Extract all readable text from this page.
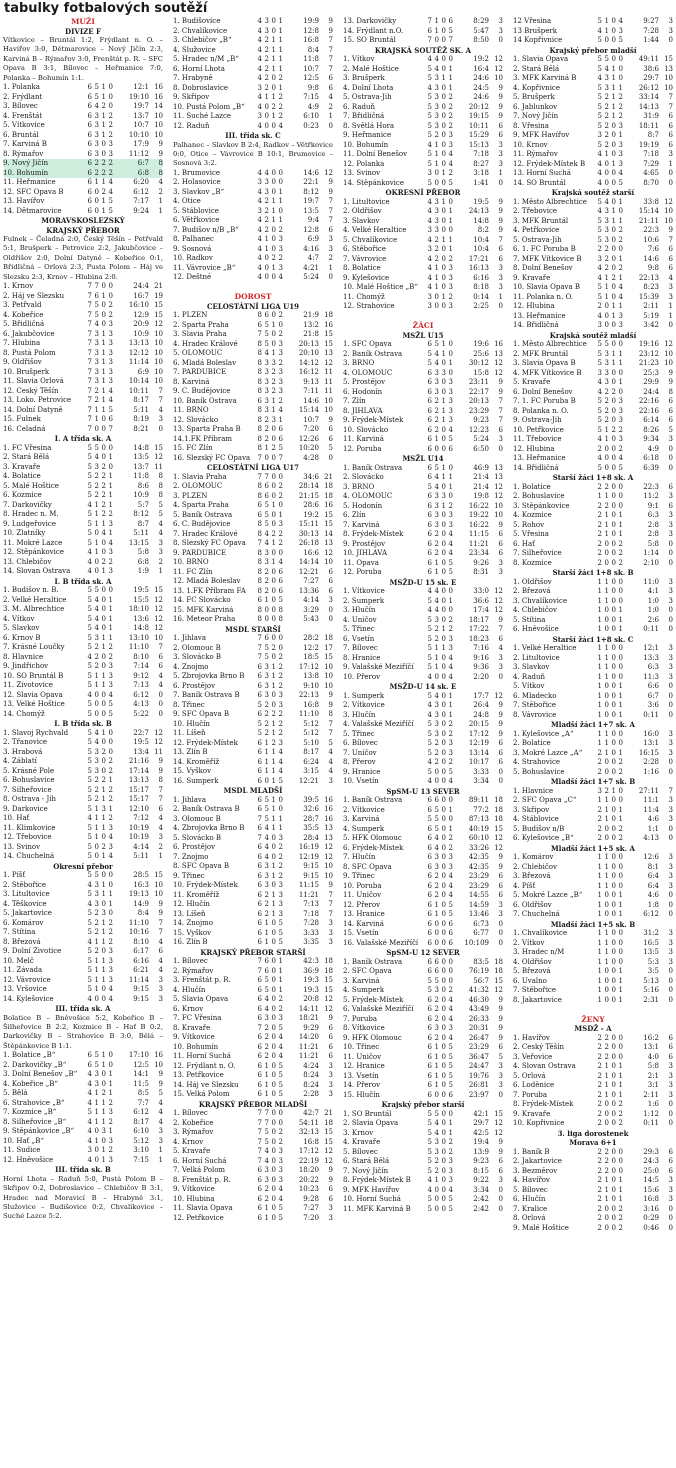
tabulky fotbalových soutěží
MUŽI
DIVIZE F
Vítkovice – Bruntál 1:2, Frýdlant n. O. – Havířov 3:0, Dětmarovice – Nový Jičín 2:3, Karviná B – Rýmařov 3:0, Frenštát p. R. – SFC Opava B 3:1, Bílovec – Heřmanice 7:0, Polanka – Bohumín 1:1.
1. Polanka	6 5 1 0	12:1 16
2. Frýdlant	6 5 1 0	19:10 16
3. Bílovec	6 4 2 0	19:7 14
4. Frenštát	6 3 1 2	13:7 10
5. Vítkovice	6 3 1 2	10:7 10
6. Bruntál	6 3 1 2	10:10 10
7. Karviná B	6 3 0 3	17:9	9
8. Rýmařov	6 3 0 3	11:12	9
9. Nový Jičín	6 2 2 2	6:7	8
10. Bohumín	6 2 2 2	6:8	8
11. Heřmanice	6 1 1 4	6:20	4
12. SFC Opava B	6 0 2 4	6:12	2
13. Havířov	6 0 1 5	7:17	1
14. Dětmarovice	6 0 1 5	9:24	1
MORAVSKOSLEZSKÝ
KRAJSKÝ PŘEBOR
Fulnek – Čeladná 2:0, Český Těšín – Petřvald 5:1, Brušperk – Petrovice 2:2, Jakubčovice – Oldřišov 2:0, Dolní Datyně – Kobeřice 0:1, Břidličná – Orlová 2:3, Pusta Polom – Háj ve Slezsku 2:3, Krnov – Hlubina 2:0.
1. Krnov	7 7 0 0	24:4 21
2. Háj ve Slezsku	7 6 1 0	16:7 19
3. Petřvald	7 5 0 2	16:10 15
4. Kobeřice	7 5 0 2	12:9 15
5. Břidličná	7 4 0 3	20:9 12
6. Jakubčovice	7 3 1 3	10:9 10
7. Hlubina	7 3 1 3	13:13 10
8. Pustá Polom	7 3 1 3	12:12 10
9. Oldřišov	7 3 1 3	11:14 10
10. Brušperk	7 3 1 3	6:9 10
11. Slavia Orlová	7 3 1 3	10:14 10
12. Český Těšín	7 2 1 4	10:11	7
13. Loko. Petrovice	7 2 1 4	8:17	7
14. Dolní Datyně	7 1 1 5	5:11	4
15. Fulnek	7 1 0 6	8:19	3
16. Čeladná	7 0 0 7	8:21	0
I. A třída sk. A
1. FC Vřesina	5 5 0 0	14:8 15
2. Stará Bělá	5 4 0 1	13:5 12
3. Kravaře	5 3 2 0	13:7 11
4. Bolatice	5 2 2 1	11:8	8
5. Malé Hoštice	5 2 2 1	8:6	8
6. Kozmice	5 2 2 1	10:9	8
7. Darkovičky	4 1 2 1	5:7	5
8. Hradec n. M.	5 1 2 2	8:12	5
9. Ludgeřovice	5 1 1 3	8:7	4
10. Zlatníky	5 0 4 1	5:11	4
11. Mokré Lazce	5 1 0 4	13:15	3
12. Štěpánkovice	4 1 0 3	5:8	3
13. Chlebičov	4 0 2 2	6:8	2
14. Slovan Ostrava	4 0 1 3	1:9	1
I. B třída sk. A
1. Budišov n. B.	5 5 0 0	19:5 15
2. Velké Heraltice	5 4 0 1	15:5 12
3. M. Albrechtice	5 4 0 1	18:10 12
4. Vítkov	5 4 0 1	13:6 12
5. Slavkov	5 4 0 1	14:8 12
6. Krnov B	5 3 1 1	13:10 10
7. Krásné Loučky	5 2 1 2	11:10	7
8. Hlavnice	4 2 0 2	8:10	6
9. Jindřichov	5 2 0 3	7:14	6
10. SO Bruntál B	5 1 1 3	9:12	4
11. Životovice	5 1 1 3	7:13	4
12. Slavia Opava	4 0 0 4	6:12	0
13. Velké Hoštice	5 0 0 5	4:13	0
14. Chomýž	5 0 0 5	5:22	0
I. B třída sk. B
1. Slavoj Rychvald	5 4 1 0	22:7 12
2. Třanovice	5 4 0 0	19:5 12
3. Hrabová	5 3 2 0	13:4 11
4. Záblatí	5 3 0 2	21:16	9
5. Krásné Pole	5 3 0 2	17:14	9
6. Bohuslavice	5 2 2 1	13:13	8
7. Šilheřovice	5 2 1 2	15:17	7
8. Ostrava - Jih	5 2 1 2	15:17	7
9. Darkovice	5 1 3 1	12:10	6
10. Hať	4 1 1 2	7:12	4
11. Klimkovice	5 1 1 3	10:19	4
12. Třebovice	5 1 0 4	10:19	3
13. Svinov	5 0 2 3	4:14	2
14. Chuchelná	5 0 1 4	5:11	1
Okresní přebor
1. Píšť	5 5 0 0	28:5 15
2. Štěbořice	4 3 1 0	16:3 10
3. Litultovice	5 3 1 1	19:13 10
4. Těškovice	4 3 0 1	14:9	9
5. Jakartovice	5 2 3 0	8:4	9
6. Komárov	5 2 1 2	11:10	7
7. Štítina	5 2 1 2	10:16	7
8. Březová	4 1 1 2	8:10	4
9. Dolní Životice	5 2 0 3	6:17	6
10. Melč	5 1 1 3	6:16	4
11. Závada	5 1 1 3	6:21	4
12. Vávrovice	5 1 1 3	11:14	3
13. Vršovice	5 1 0 4	9:15	3
14. Kylešovice	4 0 0 4	9:15	3
III. třída sk. A
Bolatice B – Bněvošice 5:2, Kobeřice B – Šilheřovice B 2:2, Kozmice B – Hať B 0:2, Darkovičky B – Strahovice B 3:0, Bělá – Štěpánkovice B 1:1.
1. Bolatice „B“	6 5 1 0	17:10 16
2. Darkovičky „B“	6 5 1 0	12:5 10
3. Dolní Benešov „B“	4 3 0 1	14:1	9
4. Kobeřice „B“	4 3 0 1	11:5	9
5. Bělá	4 1 2 1	8:5	5
6. Strahovice „B“	4 1 1 2	7:7	4
7. Kozmice „B“	5 1 1 3	6:12	4
8. Šilheřovice „B“	4 1 1 2	8:17	4
9. Štěpánkovice „B“	4 0 3 1	6:10	3
10. Hať „B“	4 1 0 3	5:12	3
11. Sudice	3 0 1 2	3:10	1
12. Hněvošice	4 0 1 3	7:15	1
III. třída sk. B
Horní Lhota – Raduň 5:0, Pustá Polom B – Skřipov 0:2, Dobroslavice – Chlebičov B 3:1, Hradec nad Moravicí B – Hrabyně 3:1, Služovice – Budišovice 0:2, Chvalíkovice – Suché Lazce 5:2.
1. Budišovice	4 3 0 1	19:9	9
2. Chvalíkovice	4 3 0 1	12:8	9
3. Chlebičov „B“	4 2 1 1	16:8	7
4. Služovice	4 2 1 1	8:4	7
5. Hradec n/M „B“	4 2 1 1	11:8	7
6. Horní Lhota	4 2 1 1	10:7	7
7. Hrabyně	4 2 0 2	12:5	6
8. Dobroslavice	3 2 0 1	9:8	6
9. Skřipov	4 1 1 2	7:15	4
10. Pustá Polom „B“	4 0 2 2	4:9	2
11. Suché Lazce	3 0 1 2	6:10	1
12. Raduň	4 0 0 4	0:23	0
III. třída sk. C
Palhanec – Slavkov B 2:4, Radkov – Větřkovice 0:0, Otice – Vávrovice B 10:1, Brumovice – Sosnová 3:2.
1. Brumovice	4 4 0 0	14:6 12
2. Holasovice	3 3 0 0	22:1	9
3. Slavkov „B“	4 3 0 1	8:12	9
4. Otice	4 2 1 1	19:7	7
5. Štáblovice	3 2 1 0	13:5	7
6. Větřkovice	4 2 1 1	9:4	7
7. Budišov n/B „B“	4 2 0 2	12:8	6
8. Palhanec	4 1 0 3	6:9	3
9. Sosnová	4 1 0 3	4:16	3
10. Radkov	4 0 2 2	4:7	2
11. Vávrovice „B“	4 0 1 3	4:21	1
12. Deštné	4 0 0 4	5:24	0
DOROST
CELOSTÁTNÍ LIGA U19
1. PLZEŇ	8 6 0 2	21:9 18
2. Sparta Praha	6 5 1 0	13:2 16
3. Slavia Praha	7 5 0 2	21:8 15
4. Hradec Králové	8 5 0 3	20:13 15
5. OLOMOUC	8 4 1 3	20:10 13
6. Mladá Boleslav	8 3 3 2	14:12 12
7. PARDUBICE	8 3 2 3	16:12 11
8. Karviná	8 3 2 3	9:13 11
9. Č. Budějovice	8 3 2 3	7:11 11
10. Baník Ostrava	6 3 1 2	14:6 10
11. BRNO	8 3 1 4	15:14 10
12. Slovácko	8 2 3 1	10:7	9
13. Sparta Praha B	8 2 0 6	7:20	6
14.1.FK Příbram	8 2 0 6	12:26	6
15. FC Zlín	8 1 2 5	10:20	5
16. Slezský FC Opava	7 0 0 7	4:28	0
CELOSTÁTNÍ LIGA U17
1. Slavia Praha	7 7 0 0	34:6 21
2. OLOMOUC	8 6 0 2	28:14 18
3. PLZEŇ	8 6 0 2	21:15 18
4. Sparta Praha	6 5 1 0	28:6 16
5. Baník Ostrava	6 5 0 1	19:2 15
6. Č. Budějovice	8 5 0 3	15:11 15
7. Hradec Králové	8 4 2 2	30:13 14
8. Slezský FC Opava	7 4 1 2	26:18 13
9. PARDUBICE	8 3 0 0	16:6 12
10. BRNO	8 3 1 4	14:14 10
11. FC Zlín	8 2 0 6	12:21	6
12. Mladá Boleslav	8 2 0 6	7:27	6
13. 1.FK Příbram FA	8 2 0 6	13:36	6
14. FC Slovácko	6 1 0 5	4:14	3
15. MFK Karviná	8 0 0 8	3:29	0
16. Meteor Praha	8 0 0 8	5:43	0
MSDL STARŠÍ
1. Jihlava	7 6 0 0	28:2 18
2. Olomouc B	7 5 2 0	12:2 17
3. Slovácko B	7 5 0 2	18:5 15
4. Znojmo	6 3 1 2	17:12 10
5. Zbrojovka Brno B	6 3 1 2	13:8 10
6. Prostějov	6 3 1 2	9:10 10
7. Baník Ostrava B	6 3 0 3	22:13	9
8. Třinec	5 2 0 3	16:8	9
9. SFC Opava B	6 2 2 2	11:10	8
10. Hlučín	5 2 1 2	5:12	7
11. Líšeň	5 2 1 2	5:12	7
12. Frýdek-Místek	6 1 2 3	5:10	5
13. Zlín B	6 1 1 4	8:17	4
14. Kroměříž	6 1 1 4	6:24	4
15. Vyškov	6 1 1 4	3:15	4
16. Šumperk	6 0 1 5	12:21	3
MSDL MLADŠÍ
1. Jihlava	6 5 1 0	39:5 16
2. Baník Ostrava B	6 5 1 0	32:6 16
3. Olomouc B	7 5 1 1	28:7 16
4. Zbrojovka Brno B	6 4 1 1	35:5 13
5. Slovácko B	7 4 0 3	28:4 13
6. Prostějov	6 4 0 2	16:19 12
7. Znojmo	6 4 0 2	12:19 12
8. SFC Opava B	6 3 1 2	9:15 10
9. Třinec	6 3 1 2	9:15 10
10. Frýdek-Místek	6 3 0 3	11:15	9
11. Kroměříž	6 2 1 3	11:21	7
12. Hlučín	6 2 1 3	7:13	7
13. Líšeň	6 2 1 3	7:18	7
14. Znojmo	6 1 0 5	7:28	3
15. Vyškov	6 1 0 5	3:33	3
16. Zlín B	6 1 0 5	3:35	3
KRAJSKÝ PŘEBOR STARŠÍ
1. Bílovec	7 6 0 1	42:3 18
2. Rýmařov	7 6 0 1	36:9 18
3. Frenštát p. R.	6 5 0 1	19:3 15
4. Hlučín	6 5 0 1	19:3 15
5. Slavia Opava	6 4 0 2	20:8 12
6. Krnov	6 4 0 2	14:11 12
7. FC Vřesina	6 3 0 3	18:21	9
8. Kravaře	7 2 0 5	9:29	6
9. Vítkovice	6 2 0 4	14:20	6
10. Bohumín	6 2 0 4	11:21	6
11. Horní Suchá	6 2 0 4	11:21	6
12. Frýdlant n. O.	6 1 0 5	4:24	3
13. Petřkovice	6 1 0 5	8:24	3
14. Háj ve Slezsku	6 1 0 5	8:24	3
15. Velká Polom	6 1 0 5	2:28	3
KRAJSKÝ PŘEBOR MLADŠÍ
1. Bílovec	7 7 0 0	42:7 21
2. Kobeřice	7 7 0 0	54:11 18
3. Rýmařov	7 5 0 2	32:13 15
4. Krnov	7 5 0 2	16:8 15
5. Kravaře	7 4 0 3	17:12 12
6. Horní Suchá	7 4 0 3	22:19 12
7. Velká Polom	6 3 0 3	18:20	9
8. Frenštát p. R.	6 3 0 3	20:22	9
9. Vítkovice	6 2 0 4	10:23	6
10. Hlubina	6 2 0 4	9:28	6
11. Slavia Opava	6 1 0 5	7:27	3
12. Petřkovice	6 1 0 5	7:20	3
13. Darkovičky	7 1 0 6	8:29	3
14. Frýdlant n.O.	6 1 0 5	5:47	3
15. SO Bruntál	7 0 0 7	8:50	0
KRAJSKÁ SOUTĚŽ SK. A
1. Vítkov	4 4 0 0	19:2 12
2. Malé Hoštice	5 4 0 1	16:4 12
3. Brušperk	5 3 1 1	24:6 10
4. Dolní Lhota	4 3 0 1	24:5	9
5. Ostrava-Jih	5 3 0 2	24:6	9
6. Raduň	5 3 0 2	20:12	9
7. Břidličná	5 3 0 2	19:15	9
8. Světlá Hora	5 3 0 2	10:11	6
9. Heřmanice	5 2 0 3	15:29	6
10. Bohumín	4 1 0 3	15:13	3
11. Dolní Benešov	5 1 0 4	7:18	3
12. Polanka	5 1 0 4	8:27	3
13. Svinov	3 0 1 2	3:18	1
14. Štěpánkovice	5 0 0 5	1:41	0
OKRESNÍ PŘEBOR
1. Litultovice	4 3 1 0	19:5	9
2. Oldřišov	4 3 0 1	24:13	9
3. Slavkov	4 3 0 1	14:8	9
4. Velké Heraltice	3 3 0 0	8:2	9
5. Chvalíkovice	4 2 1 1	10:4	7
6. Štěbořice	3 2 0 1	10:4	6
7. Vávrovice	4 2 0 2	17:21	6
8. Bolatice	4 1 0 3	16:13	3
9. Kylešovice	4 1 0 3	6:16	3
10. Malé Hoštice „B“	4 1 0 3	8:18	3
11. Chomýž	3 0 1 2	0:14	1
12. Strahovice	3 0 0 3	2:25	0
ŽÁCI
MSŽL U15
1. SFC Opava	6 5 1 0	19:6 16
2. Baník Ostrava	5 4 1 0	25:6 13
3. BRNO	5 4 0 1	30:12 12
4. OLOMOUC	6 3 3 0	15:8 12
5. Prostějov	6 3 0 3	23:11	9
6. Hodonín	6 3 0 3	22:17	9
7. Zlín	6 2 1 3	20:13	7
8. JIHLAVA	6 2 1 3	23:29	7
9. Frýdek-Místek	6 2 1 3	9:23	7
10. Slovácko	6 2 0 4	12:23	6
11. Karviná	6 1 0 5	5:24	3
12. Poruba	6 0 0 6	6:50	0
MSŽL U14
1. Baník Ostrava	6 5 1 0	46:9 13
2. Slovácko	6 4 1 1	21:4 13
3. BRNO	5 4 0 1	21:4 12
4. OLOMOUC	6 3 3 0	19:8 12
5. Hodonín	6 3 1 2	16:22 10
6. Zlín	6 3 0 3	19:22 10
7. Karviná	6 3 0 3	16:22	9
8. Frýdek-Místek	6 2 0 4	11:15	6
9. Prostějov	6 2 0 4	11:21	6
10. JIHLAVA	6 2 0 4	23:34	6
11. Opava	6 1 0 5	9:26	3
12. Poruba	6 1 0 5	8:31	3
MSŽD-U 15 sk. E
1. Vítkovice	4 4 0 0	33:0 12
2. Šumperk	5 4 0 1	36:6 12
3. Hlučín	4 4 0 0	17:4 12
4. Uničov	5 3 0 2	18:17	9
5. Třinec	5 2 1 2	17:22	7
6. Vsetín	5 2 0 3	18:23	6
7. Bílovec	5 1 1 3	7:16	4
8. Hranice	5 1 0 4	9:16	3
9. Valašské Meziříčí	5 1 0 4	9:36	3
10. Přerov	4 0 0 4	2:20	0
MSŽD-U 14 sk. E
1. Šumperk	5 4 0 1	17:7 12
2. Vítkovice	4 3 0 1	26:4	9
3. Hlučín	4 3 0 1	24:8	9
4. Valašské Meziříčí	5 3 0 2	20:15	9
5. Třinec	5 3 0 2	17:12	9
6. Bílovec	5 2 0 3	12:19	6
7. Uničov	5 2 0 3	13:14	6
8. Přerov	4 2 0 2	10:17	6
9. Hranice	5 0 0 5	3:33	0
10. Vsetín	4 0 0 4	3:34	0
SpSM-U 13 SEVER
1. Baník Ostrava	6 6 0 0	89:11 18
2. Vítkovice	6 5 0 1	77:2 18
3. Karviná	5 5 0 0	87:13 18
4. Šumperk	6 5 0 1	40:19 15
5. HFK Olomouc	6 4 0 2	60:10 12
6. Frýdek-Místek	6 4 0 2	33:26 12
7. Hlučín	6 3 0 3	42:35	9
8. SFC Opava	6 3 0 3	42:35	9
9. Třinec	6 2 0 4	23:29	6
10. Poruba	6 2 0 4	23:29	6
11. Uničov	6 2 0 4	14:55	6
12. Přerov	6 1 0 5	14:59	3
13. Hranice	6 1 0 5	13:46	3
14. Karviná	6 0 0 6	6:73	0
15. Vsetín	6 0 0 6	6:77	0
16. Valašské Meziříčí	6 0 0 6	10:109	0
SpSM-U 12 SEVER
1. Baník Ostrava	6 6 0 0	83:5 18
2. SFC Opava	6 6 0 0	76:19 18
3. Karviná	5 5 0 0	56:7 15
4. Šumperk	5 3 0 2	41:32 12
5. Frýdek-Místek	6 2 0 4	46:30	9
6. Valašské Meziříčí	6 2 0 4	43:49	9
7. Poruba	6 2 0 4	26:33	9
8. Vítkovice	6 3 0 3	20:31	9
9. HFK Olomouc	6 2 0 4	26:47	9
10. Třinec	6 1 0 5	23:29	6
11. Uničov	6 1 0 5	36:47	5
12. Hranice	6 1 0 5	24:47	3
13. Vsetín	6 1 0 5	19:76	3
14. Přerov	6 1 0 5	26:81	3
15. Hlučín	6 0 0 6	23:97	0
Krajský přebor starší
1. SO Bruntál	5 5 0 0	42:1 15
2. Slavia Opava	5 4 0 1	29:7 12
3. Krnov	5 4 0 1	42:5 12
4. Kravaře	5 3 0 2	19:4	9
5. Bílovec	5 3 0 2	13:9	9
6. Stará Bělá	5 2 0 3	9:23	6
7. Nový Jičín	5 2 0 3	8:15	6
8. Frýdek-Místek B	4 1 0 3	9:22	3
9. MFK Havířov	4 0 0 4	3:34	0
10. Horní Suchá	5 0 0 5	2:42	0
11. MFK Karviná B	5 0 0 5	2:42	0
12 Vřesina	5 1 0 4	9:27	3
13 Brušperk	4 1 0 3	7:28	3
14 Kopřivnice	5 0 0 5	1:44	0
Krajský přebor mladší
1. Slavia Opava	5 5 0 0	49:11 15
2. Stará Bělá	5 4 1 0	38:6 13
3. MFK Karviná B	4 3 1 0	29:7 10
4. Kopřivnice	5 3 1 1	26:12 10
5. Brušperk	5 2 1 2	33:14	7
6. Jablunkov	5 2 1 2	14:13	7
7. Nový Jičín	5 2 1 2	31:9	6
8. Vřesina	5 2 0 3	18:11	6
9. MFK Havířov	3 2 0 1	8:7	6
10. Krnov	5 2 0 3	19:19	6
11. Rýmařov	4 1 0 3	7:18	3
12. Frýdek-Místek B	4 0 1 3	7:29	1
13. Horní Suchá	4 0 0 4	4:65	0
14. SO Bruntál	4 0 0 5	8:70	0
Krajská soutěž starší
1. Město Albrechtice	5 4 0 1	33:8 12
2. Třebovice	4 3 1 0	15:14 10
3. MFK Bruntál	5 3 1 1	21:11 10
4. Petřkovice	5 3 0 2	22:3	9
5. Ostrava-Jih	5 3 0 2	10:6	7
6. 1. FC Poruba B	2 2 0 0	7:6	6
7. MFK Vítkovice B	3 2 0 1	14:6	6
8. Dolní Benešov	4 2 0 2	9:8	6
9. Kravaře	4 1 2 1	22:13	4
10. Slavia Opava B	5 1 0 4	8:23	3
11. Polanka n. O.	5 1 0 4	15:39	3
12. Hlubina	2 0 1 1	2:11	1
13. Heřmanice	4 0 1 3	5:19	1
14. Břidličná	3 0 0 3	3:42	0
Krajská soutěž mladší
1. Město Albrechtice	5 5 0 0	19:16 12
2. MFK Bruntál	5 3 1 1	23:12 10
3. Slavia Opava B	5 3 1 1	21:23 10
4. MFK Vítkovice B	3 3 0 0	25:3	9
5. Kravaře	4 3 0 1	29:9	9
6. Dolní Benešov	4 2 2 0	24:4	8
7. 1. FC Poruba B	5 2 0 3	22:16	6
8. Polanka n. O.	5 2 0 3	22:16	6
9. Ostrava-Jih	5 2 0 3	6:14	6
10. Petřkovice	5 1 2 2	8:26	5
11. Třebovice	4 1 0 3	9:34	3
12. Hlubina	2 0 0 2	4:9	0
13. Heřmanice	4 0 0 4	6:18	0
14. Břidličná	5 0 0 5	6:39	0
Starší žáci 1+8 sk. A
1. Bolatice	2 2 0 0	22:3	6
2. Bohuslavice	1 1 0 0	11:2	3
3. Štěpánkovice	2 2 0 0	9:1	6
4. Kozmice	2 1 0 1	6:3	3
5. Rohov	2 1 0 1	2:8	3
5. Vřesina	2 1 0 1	2:8	3
6. Hať	2 0 0 2	5:8	0
7. Šilheřovice	2 0 0 2	1:14	0
8. Kozmice	2 0 0 2	2:10	0
Starší žáci 1+8 sk. B
1. Oldřišov	1 1 0 0	11:0	3
2. Březová	1 1 0 0	4:1	3
3. Chvalíkovice	1 1 0 0	1:0	3
4. Chlebičov	1 0 0 1	1:0	0
5. Štítina	1 0 0 1	2:6	0
6. Hněvošice	1 0 0 1	0:11	0
Starší žáci 1+8 sk. C
1. Velké Heraltice	1 1 0 0	12:1	3
2. Litultovice	1 1 0 0	13:3	3
3. Slavkov	1 1 0 0	6:3	3
4. Raduň	1 1 0 0	11:3	3
5. Vítkov	1 0 0 1	6:6	0
6. Mladecko	1 0 0 1	6:7	0
7. Štěbořice	1 0 0 1	3:6	0
8. Vávrovice	1 0 0 1	0:11	0
Mladší žáci 1+7 sk. A
1. Kylešovice „A“	1 1 0 0	16:0	3
2. Bolatice	1 1 0 0	13:1	3
3. Mokré Lazce „A“	2 1 0 1	16:15	3
4. Strahovice	2 0 0 2	2:28	0
5. Bohuslavice	2 0 0 2	1:16	0
Mladší žáci 1+7 sk. B
1. Hlavnice	3 2 1 0	27:11	7
2. SFC Opava „C“	1 1 0 0	11:1	3
3. Skřipov	2 1 0 1	11:4	3
4. Štáblovice	2 1 0 1	4:6	3
5. Budišov n/B	2 0 0 2	1:1	0
6. Kylešovice „B“	2 0 0 2	4:13	0
Mladší žáci 1+5 sk. A
1. Komárov	1 1 0 0	12:6	3
2. Chlebičov	1 1 0 0	8:1	3
3. Březová	1 1 0 0	6:4	3
4. Píšť	1 1 0 0	6:4	3
5. Mokré Lazce „B“	1 0 0 1	4:6	0
6. Oldřišov	1 0 0 1	1:8	0
7. Chuchelná	1 0 0 1	6:12	0
Mladší žáci 1+5 sk. B
1. Chvalíkovice	1 1 0 0	31:2	3
2. Vítkov	1 1 0 0	16:5	3
3. Hradec n/M	1 1 0 0	13:5	3
4. Oldřišov	1 1 0 0	5:3	3
5. Březová	1 0 0 1	3:5	0
6. Úvalno	1 0 0 1	5:13	0
7. Štěbořice	1 0 0 1	5:16	0
8. Jakartovice	1 0 0 1	2:31	0
ŽENY
MSDŽ - A
1. Havířov	2 2 0 0	16:2	6
2. Český Těšín	2 2 0 0	13:1	6
3. Veřovice	2 2 0 0	4:0	6
4. Slovan Ostrava	2 1 0 1	5:8	3
5. Orlová	2 1 0 1	2:1	3
6. Loděnice	2 1 0 1	3:1	3
7. Poruba	2 1 0 1	2:11	3
8. Frýdek-Místek	2 0 0 2	1:6	0
9. Kravaře	2 0 0 2	1:12	0
10. Kopřivnice	2 0 0 2	0:11	0
3. liga dorostenek
Morava 6+1
1. Baník B	2 2 0 0	29:3	6
2. Jakartovice	2 2 0 0	24:3	6
3. Bezměrov	2 2 0 0	25:0	6
4. Havířov	2 1 0 1	14:5	3
5. Bílovec	2 1 0 1	15:6	3
6. Hlučín	2 1 0 1	16:8	3
7. Kralice	2 0 0 2	3:16	0
8. Orlová	2 0 0 2	0:29	0
9. Malé Hoštice	2 0 0 2	0:46	0
